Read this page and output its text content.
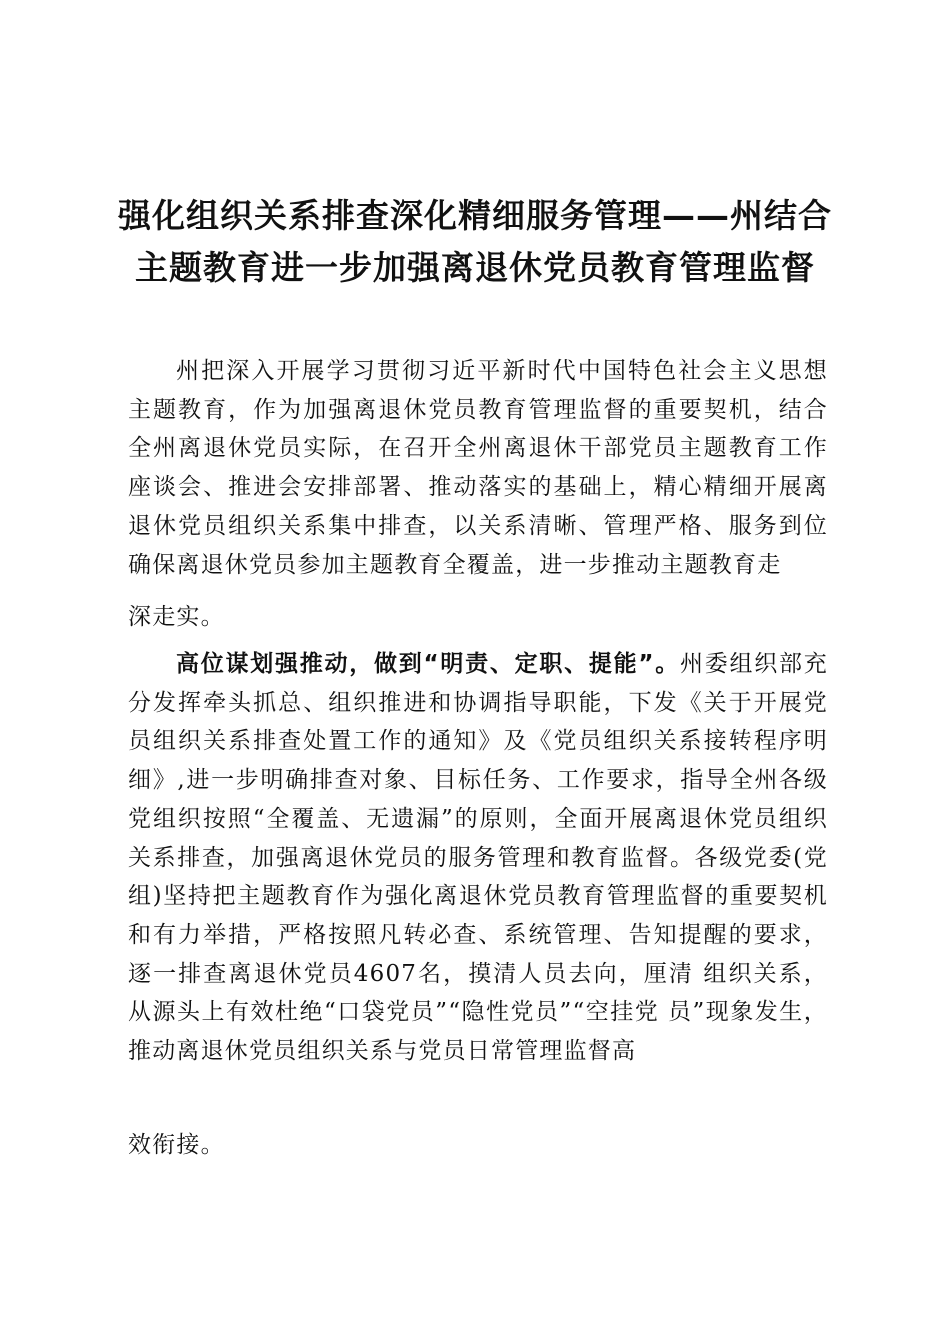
强化组织关系排查深化精细服务管理——州结合主题教育进一步加强离退休党员教育管理监督

州把深入开展学习贯彻习近平新时代中国特色社会主义思想主题教育，作为加强离退休党员教育管理监督的重要契机，结合全州离退休党员实际，在召开全州离退休干部党员主题教育工作座谈会、推进会安排部署、推动落实的基础上，精心精细开展离退休党员组织关系集中排查，以关系清晰、管理严格、服务到位确保离退休党员参加主题教育全覆盖，进一步推动主题教育走

深走实。

高位谋划强推动，做到“明责、定职、提能”。州委组织部充分发挥牵头抓总、组织推进和协调指导职能，下发《关于开展党员组织关系排查处置工作的通知》及《党员组织关系接转程序明细》,进一步明确排查对象、目标任务、工作要求，指导全州各级党组织按照“全覆盖、无遗漏”的原则，全面开展离退休党员组织关系排查，加强离退休党员的服务管理和教育监督。各级党委(党组)坚持把主题教育作为强化离退休党员教育管理监督的重要契机和有力举措，严格按照凡转必查、系统管理、告知提醒的要求，逐一排查离退休党员4607名，摸清人员去向，厘清 组织关系，从源头上有效杜绝“口袋党员”“隐性党员”“空挂党 员”现象发生，推动离退休党员组织关系与党员日常管理监督高

效衔接。
